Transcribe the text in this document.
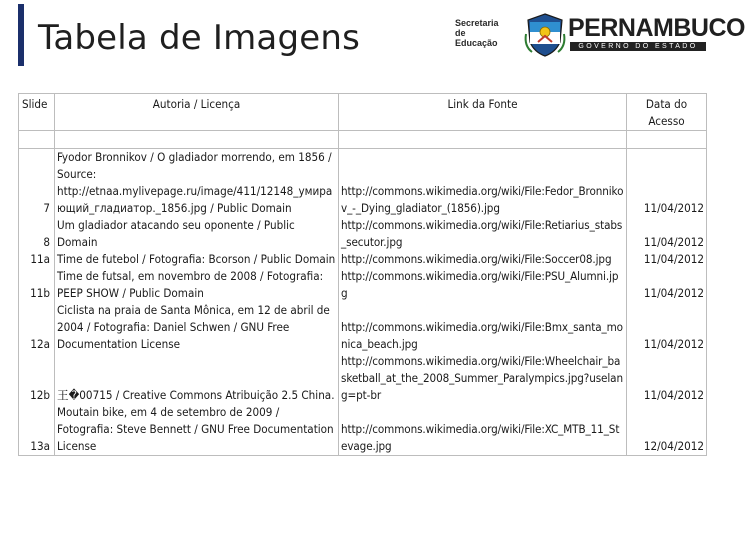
Tabela de Imagens	Secretaria
de
Educação
PERNAMBUCO
GOVERNO DO ESTADO
Slide	Autoria / Licença	Link da Fonte	Data do Acesso

7	Fyodor Bronnikov / O gladiador morrendo, em 1856 / Source: http://etnaa.mylivepage.ru/image/411/12148_умирающий_гладиатор._1856.jpg / Public Domain	http://commons.wikimedia.org/wiki/File:Fedor_Bronnikov_-_Dying_gladiator_(1856).jpg	11/04/2012
8	Um gladiador atacando seu oponente / Public Domain	http://commons.wikimedia.org/wiki/File:Retiarius_stabs_secutor.jpg	11/04/2012
11a	Time de futebol / Fotografia: Bcorson / Public Domain	http://commons.wikimedia.org/wiki/File:Soccer08.jpg	11/04/2012
11b	Time de futsal, em novembro de 2008 / Fotografia: PEEP SHOW / Public Domain	http://commons.wikimedia.org/wiki/File:PSU_Alumni.jpg	11/04/2012
12a	Ciclista na praia de Santa Mônica, em 12 de abril de 2004 / Fotografia: Daniel Schwen / GNU Free Documentation License	http://commons.wikimedia.org/wiki/File:Bmx_santa_monica_beach.jpg	11/04/2012
12b	王�00715 / Creative Commons Atribuição 2.5 China.	http://commons.wikimedia.org/wiki/File:Wheelchair_basketball_at_the_2008_Summer_Paralympics.jpg?uselang=pt-br	11/04/2012
13a	Moutain bike, em 4 de setembro de 2009 / Fotografia: Steve Bennett / GNU Free Documentation License	http://commons.wikimedia.org/wiki/File:XC_MTB_11_Stevage.jpg	12/04/2012
